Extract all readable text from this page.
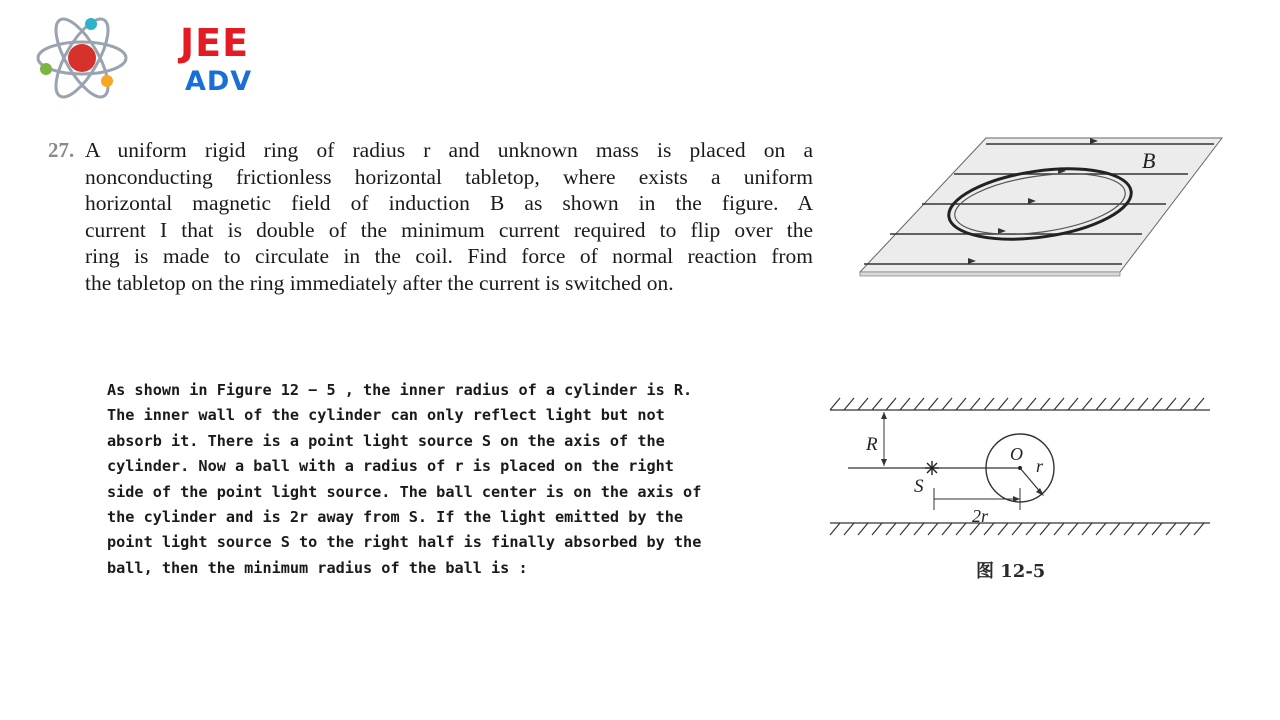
JEE
ADV
27. A uniform rigid ring of radius r and unknown mass is placed on a
nonconducting frictionless horizontal tabletop, where exists a uniform
horizontal magnetic field of induction B as shown in the figure. A
current I that is double of the minimum current required to flip over the
ring is made to circulate in the coil. Find force of normal reaction from
the tabletop on the ring immediately after the current is switched on.
B
As shown in Figure 12 − 5 , the inner radius of a cylinder is R.
The inner wall of the cylinder can only reflect light but not
absorb it. There is a point light source S on the axis of the
cylinder. Now a ball with a radius of r is placed on the right
side of the point light source. The ball center is on the axis of
the cylinder and is 2r away from S. If the light emitted by the
point light source S to the right half is finally absorbed by the
ball, then the minimum radius of the ball is :
R
S
O
r
2r
图 12-5
